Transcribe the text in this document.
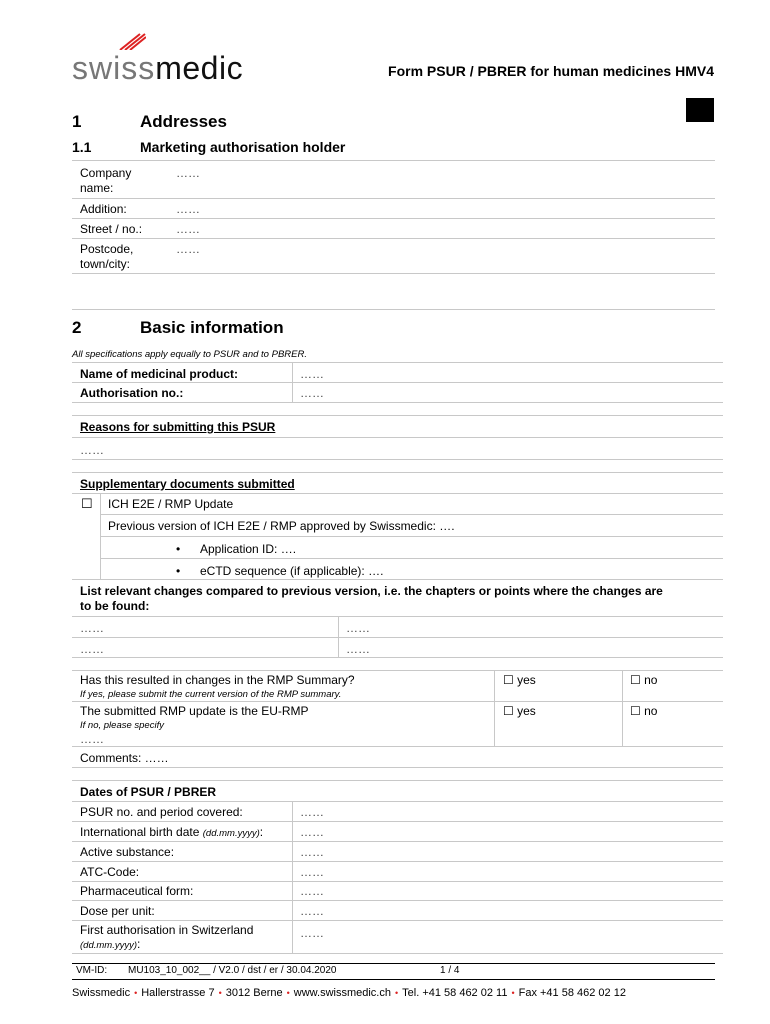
swissmedic	Form PSUR / PBRER for human medicines HMV4
1	Addresses
1.1	Marketing authorisation holder
Company
name:
……
Addition:	……
Street / no.:	……
Postcode,
town/city:
……
2	Basic information
All specifications apply equally to PSUR and to PBRER.
Name of medicinal product:	……
Authorisation no.:	……
Reasons for submitting this PSUR
……
Supplementary documents submitted
☐ ICH E2E / RMP Update
Previous version of ICH E2E / RMP approved by Swissmedic: ….
• Application ID: ….
• eCTD sequence (if applicable): ….
List relevant changes compared to previous version, i.e. the chapters or points where the changes are
to be found:
……	……
……	……
Has this resulted in changes in the RMP Summary?
If yes, please submit the current version of the RMP summary.
☐ yes	☐ no
The submitted RMP update is the EU-RMP
If no, please specify
……
☐ yes	☐ no
Comments: ……
Dates of PSUR / PBRER
PSUR no. and period covered:	……
International birth date (dd.mm.yyyy):	……
Active substance:	……
ATC-Code:	……
Pharmaceutical form:	……
Dose per unit:	……
First authorisation in Switzerland
(dd.mm.yyyy):
……
VM-ID: MU103_10_002__ / V2.0 / dst / er / 30.04.2020	1 / 4
Swissmedic • Hallerstrasse 7 • 3012 Berne • www.swissmedic.ch • Tel. +41 58 462 02 11 • Fax +41 58 462 02 12
